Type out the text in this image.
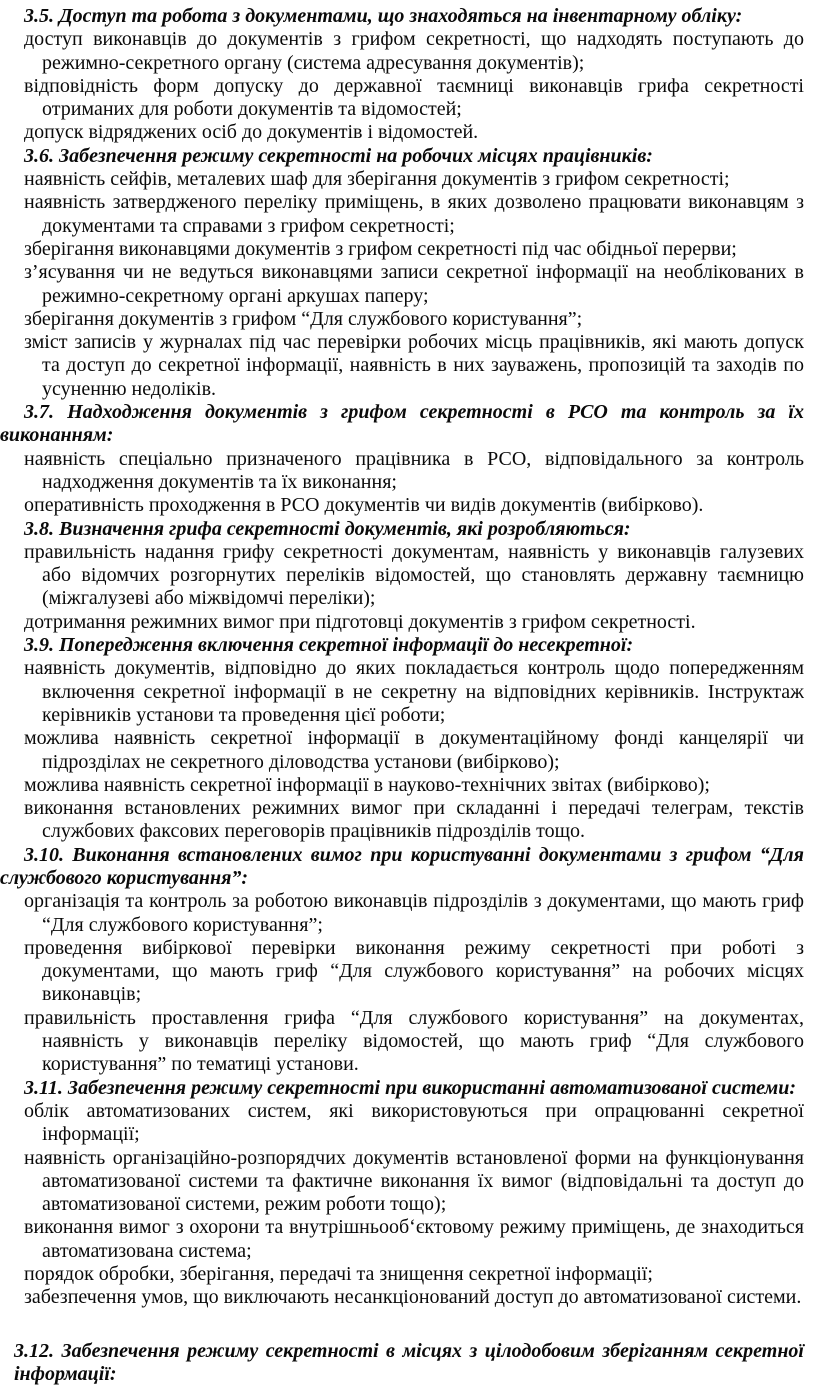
3.5. Доступ та робота з документами, що знаходяться на інвентарному обліку:

доступ виконавців до документів з грифом секретності, що надходять поступають до режимно-секретного органу (система адресування документів);

відповідність форм допуску до державної таємниці виконавців грифа секретності отриманих для роботи документів та відомостей;

допуск відряджених осіб до документів і відомостей.

3.6. Забезпечення режиму секретності на робочих місцях працівників:

наявність сейфів, металевих шаф для зберігання документів з грифом секретності;

наявність затвердженого переліку приміщень, в яких дозволено працювати виконавцям з документами та справами з грифом секретності;

зберігання виконавцями документів з грифом секретності під час обідньої перерви;

з’ясування чи не ведуться виконавцями записи секретної інформації на необлікованих в режимно-секретному органі аркушах паперу;

зберігання документів з грифом “Для службового користування”;

зміст записів у журналах під час перевірки робочих місць працівників, які мають допуск та доступ до секретної інформації, наявність в них зауважень, пропозицій та заходів по усуненню недоліків.

3.7. Надходження документів з грифом секретності в РСО та контроль за їх виконанням:

наявність спеціально призначеного працівника в РСО, відповідального за контроль надходження документів та їх виконання;

оперативність проходження в РСО документів чи видів документів (вибірково).

3.8. Визначення грифа секретності документів, які розробляються:

правильність надання грифу секретності документам, наявність у виконавців галузевих або відомчих розгорнутих переліків відомостей, що становлять державну таємницю (міжгалузеві або міжвідомчі переліки);

дотримання режимних вимог при підготовці документів з грифом секретності.

3.9. Попередження включення секретної інформації до несекретної:

наявність документів, відповідно до яких покладається контроль щодо попередженням включення секретної інформації в не секретну на відповідних керівників. Інструктаж керівників установи та проведення цієї роботи;

можлива наявність секретної інформації в документаційному фонді канцелярії чи підрозділах не секретного діловодства установи (вибірково);

можлива наявність секретної інформації в науково-технічних звітах (вибірково);

виконання встановлених режимних вимог при складанні і передачі телеграм, текстів службових факсових переговорів працівників підрозділів тощо.

3.10. Виконання встановлених вимог при користуванні документами з грифом “Для службового користування”:

організація та контроль за роботою виконавців підрозділів з документами, що мають гриф “Для службового користування”;

проведення вибіркової перевірки виконання режиму секретності при роботі з документами, що мають гриф “Для службового користування” на робочих місцях виконавців;

правильність проставлення грифа “Для службового користування” на документах, наявність у виконавців переліку відомостей, що мають гриф “Для службового користування” по тематиці установи.

3.11. Забезпечення режиму секретності при використанні автоматизованої системи:

облік автоматизованих систем, які використовуються при опрацюванні секретної інформації;

наявність організаційно-розпорядчих документів встановленої форми на функціонування автоматизованої системи та фактичне виконання їх вимог (відповідальні та доступ до автоматизованої системи, режим роботи тощо);

виконання вимог з охорони та внутрішньооб‘єктовому режиму приміщень, де знаходиться автоматизована система;

порядок обробки, зберігання, передачі та знищення секретної інформації;

забезпечення умов, що виключають несанкціонований доступ до автоматизованої системи.

3.12. Забезпечення режиму секретності в місцях з цілодобовим зберіганням секретної інформації:
